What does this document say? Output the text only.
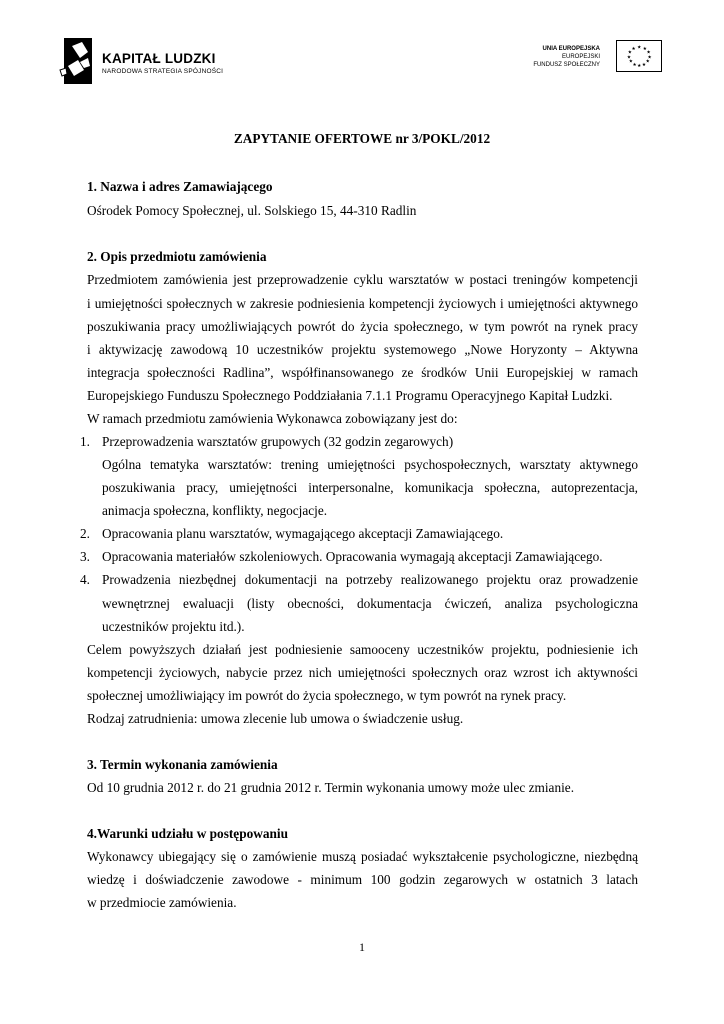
KAPITAŁ LUDZKI
NARODOWA STRATEGIA SPÓJNOŚCI
UNIA EUROPEJSKA
EUROPEJSKI
FUNDUSZ SPOŁECZNY
★ ★
★
★
★
★
★
★
★
★
★
★
ZAPYTANIE OFERTOWE nr 3/POKL/2012
1. Nazwa i adres Zamawiającego
Ośrodek Pomocy Społecznej, ul. Solskiego 15, 44-310 Radlin
2. Opis przedmiotu zamówienia
Przedmiotem zamówienia jest przeprowadzenie cyklu warsztatów w postaci treningów kompetencji
i umiejętności społecznych w zakresie podniesienia kompetencji życiowych i umiejętności aktywnego
poszukiwania pracy umożliwiających powrót do życia społecznego, w tym powrót na rynek pracy
i aktywizację zawodową 10 uczestników projektu systemowego „Nowe Horyzonty – Aktywna
integracja społeczności Radlina”, współfinansowanego ze środków Unii Europejskiej w ramach
Europejskiego Funduszu Społecznego Poddziałania 7.1.1 Programu Operacyjnego Kapitał Ludzki.
W ramach przedmiotu zamówienia Wykonawca zobowiązany jest do:
1. Przeprowadzenia warsztatów grupowych (32 godzin zegarowych)
Ogólna tematyka warsztatów: trening umiejętności psychospołecznych, warsztaty aktywnego
poszukiwania pracy, umiejętności interpersonalne, komunikacja społeczna, autoprezentacja,
animacja społeczna, konflikty, negocjacje.
2. Opracowania planu warsztatów, wymagającego akceptacji Zamawiającego.
3. Opracowania materiałów szkoleniowych. Opracowania wymagają akceptacji Zamawiającego.
4. Prowadzenia niezbędnej dokumentacji na potrzeby realizowanego projektu oraz prowadzenie
wewnętrznej ewaluacji (listy obecności, dokumentacja ćwiczeń, analiza psychologiczna
uczestników projektu itd.).
Celem powyższych działań jest podniesienie samooceny uczestników projektu, podniesienie ich
kompetencji życiowych, nabycie przez nich umiejętności społecznych oraz wzrost ich aktywności
społecznej umożliwiający im powrót do życia społecznego, w tym powrót na rynek pracy.
Rodzaj zatrudnienia: umowa zlecenie lub umowa o świadczenie usług.
3. Termin wykonania zamówienia
Od 10 grudnia 2012 r. do 21 grudnia 2012 r. Termin wykonania umowy może ulec zmianie.
4.Warunki udziału w postępowaniu
Wykonawcy ubiegający się o zamówienie muszą posiadać wykształcenie psychologiczne, niezbędną
wiedzę i doświadczenie zawodowe - minimum 100 godzin zegarowych w ostatnich 3 latach
w przedmiocie zamówienia.
1
